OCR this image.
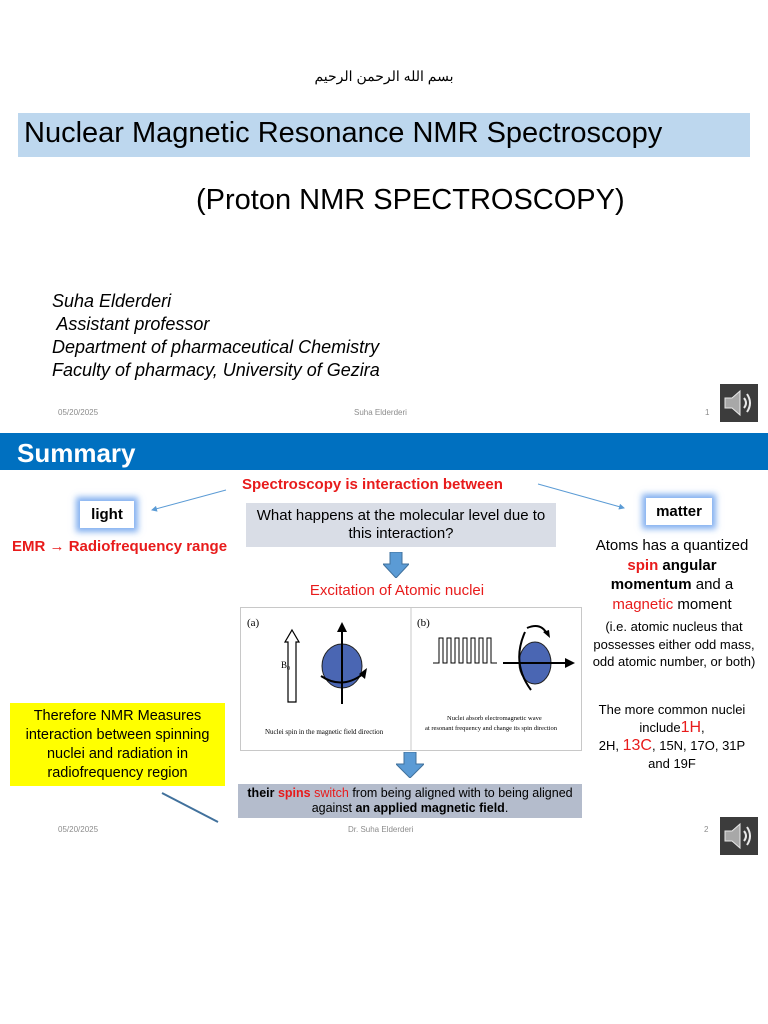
بسم الله الرحمن الرحيم
Nuclear Magnetic Resonance NMR Spectroscopy
(Proton NMR SPECTROSCOPY)
Suha Elderderi
Assistant professor
Department of pharmaceutical Chemistry
Faculty of pharmacy, University of Gezira
05/20/2025	Suha Elderderi	1
Summary
Spectroscopy is interaction between
light	matter
EMR → Radiofrequency range
What happens at the molecular level due to this interaction?
Excitation of Atomic nuclei
(a)
$B_0$
Nuclei spin in the magnetic field direction
(b)
Nuclei absorb electromagnetic wave
at resonant frequency and change its spin direction
Atoms has a quantized spin angular momentum and a magnetic moment
(i.e. atomic nucleus that possesses either odd mass, odd atomic number, or both)
The more common nuclei include1H,
2H, 13C, 15N, 17O, 31P and 19F
Therefore NMR Measures interaction between spinning nuclei and radiation in radiofrequency region
their spins switch from being aligned with to being aligned against an applied magnetic field.
05/20/2025	Dr. Suha Elderderi	2
